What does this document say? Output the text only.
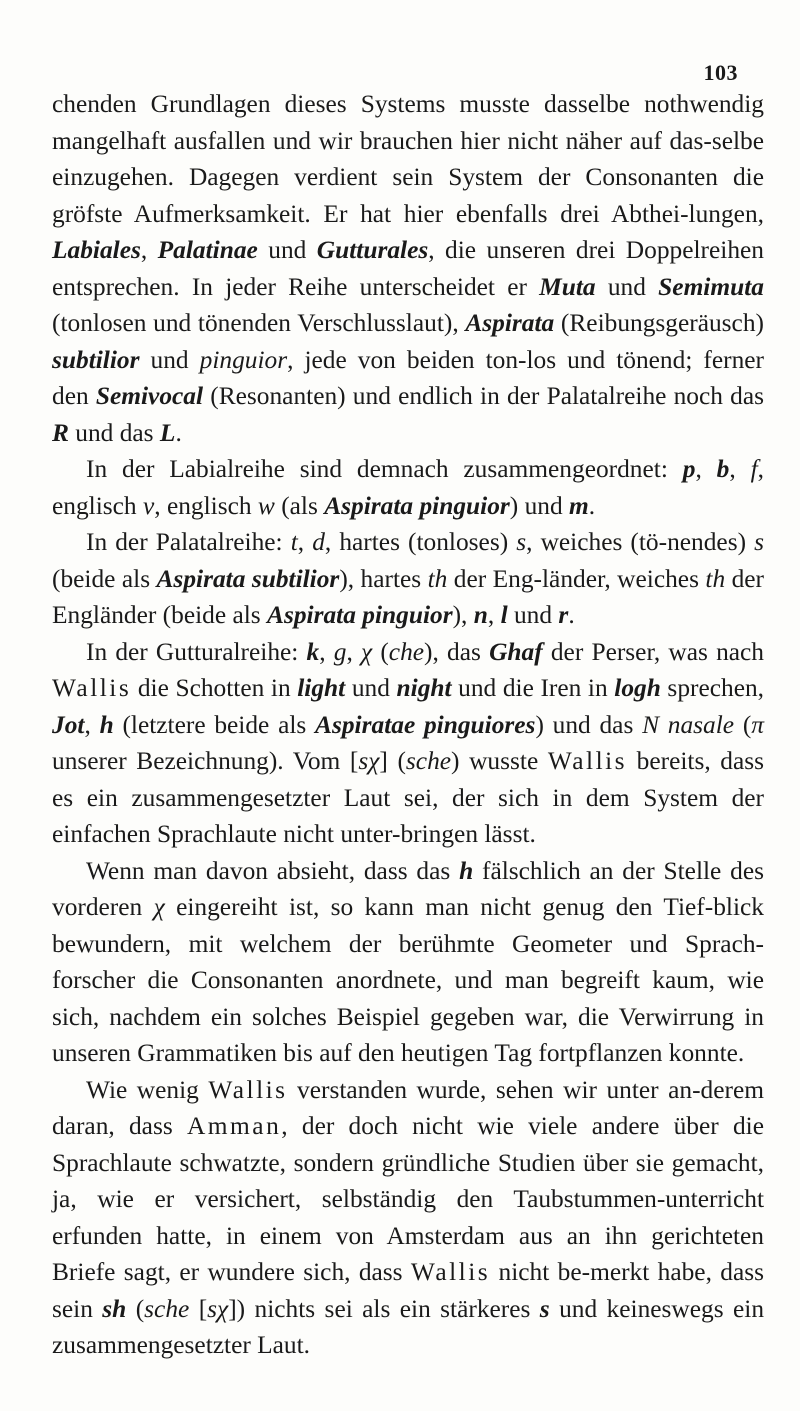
103

chenden Grundlagen dieses Systems musste dasselbe nothwendig mangelhaft ausfallen und wir brauchen hier nicht näher auf das-selbe einzugehen. Dagegen verdient sein System der Consonanten die gröfste Aufmerksamkeit. Er hat hier ebenfalls drei Abthei-lungen, Labiales, Palatinae und Gutturales, die unseren drei Doppelreihen entsprechen. In jeder Reihe unterscheidet er Muta und Semimuta (tonlosen und tönenden Verschlusslaut), Aspirata (Reibungsgeräusch) subtilior und pinguior, jede von beiden ton-los und tönend; ferner den Semivocal (Resonanten) und endlich in der Palatalreihe noch das R und das L.

In der Labialreihe sind demnach zusammengeordnet: p, b, f, englisch v, englisch w (als Aspirata pinguior) und m.

In der Palatalreihe: t, d, hartes (tonloses) s, weiches (tö-nendes) s (beide als Aspirata subtilior), hartes th der Eng-länder, weiches th der Engländer (beide als Aspirata pinguior), n, l und r.

In der Gutturalreihe: k, g, χ (che), das Ghaf der Perser, was nach Wallis die Schotten in light und night und die Iren in logh sprechen, Jot, h (letztere beide als Aspiratae pinguiores) und das N nasale (π unserer Bezeichnung). Vom [sχ] (sche) wusste Wallis bereits, dass es ein zusammengesetzter Laut sei, der sich in dem System der einfachen Sprachlaute nicht unter-bringen lässt.

Wenn man davon absieht, dass das h fälschlich an der Stelle des vorderen χ eingereiht ist, so kann man nicht genug den Tief-blick bewundern, mit welchem der berühmte Geometer und Sprach-forscher die Consonanten anordnete, und man begreift kaum, wie sich, nachdem ein solches Beispiel gegeben war, die Verwirrung in unseren Grammatiken bis auf den heutigen Tag fortpflanzen konnte.

Wie wenig Wallis verstanden wurde, sehen wir unter an-derem daran, dass Amman, der doch nicht wie viele andere über die Sprachlaute schwatzte, sondern gründliche Studien über sie gemacht, ja, wie er versichert, selbständig den Taubstummen-unterricht erfunden hatte, in einem von Amsterdam aus an ihn gerichteten Briefe sagt, er wundere sich, dass Wallis nicht be-merkt habe, dass sein sh (sche [sχ]) nichts sei als ein stärkeres s und keineswegs ein zusammengesetzter Laut.
